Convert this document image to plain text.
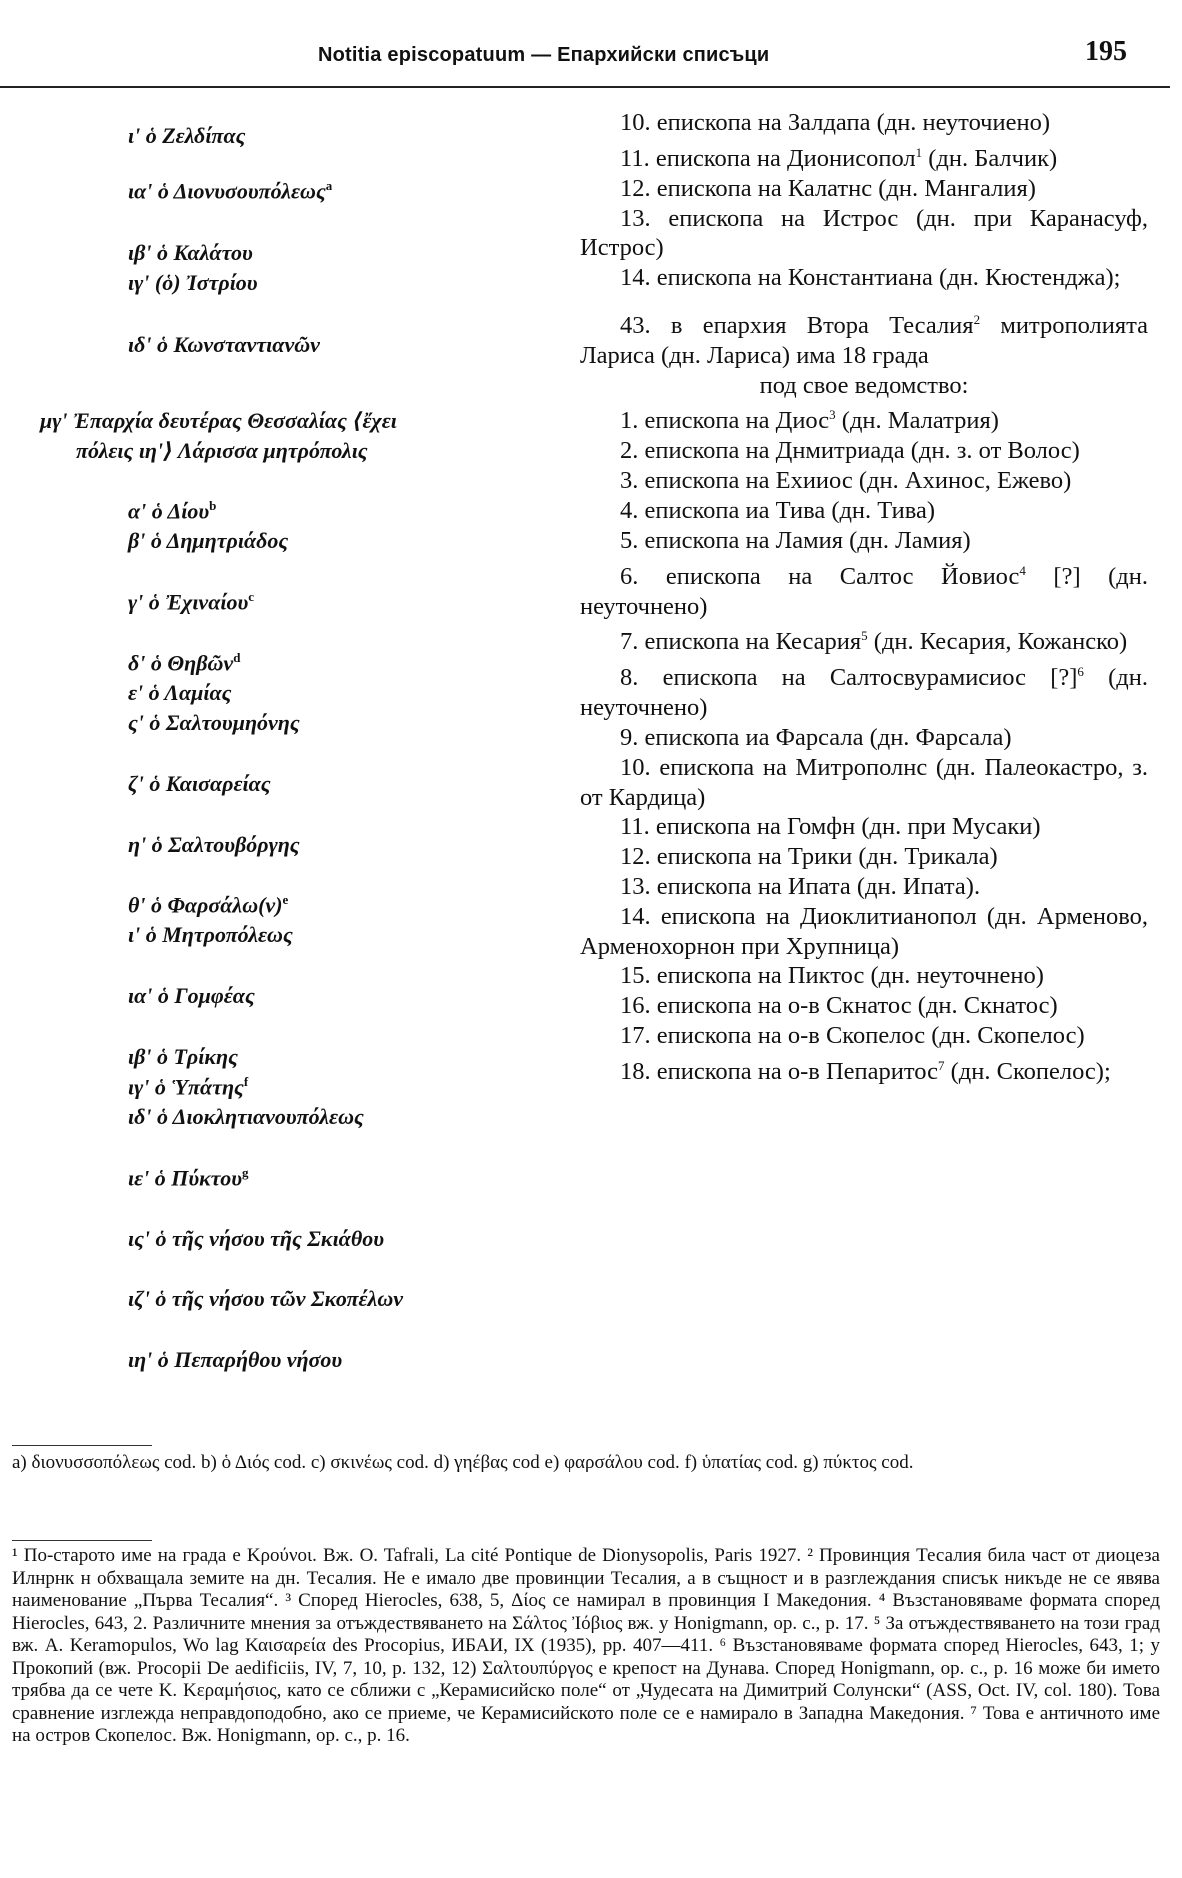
Notitia episcopatuum — Епархийски списъци	195
ι' ὁ Ζελδίπας
ια' ὁ Διονυσουπόλεως$^a$
ιβ' ὁ Καλάτου
ιγ' (ὁ) Ἰστρίου
ιδ' ὁ Κωνσταντιανῶν
μγ' Ἐπαρχία δευτέρας Θεσσαλίας ⟨ἔχει
πόλεις ιη'⟩ Λάρισσα μητρόπολις
α' ὁ Δίου$^b$
β' ὁ Δημητριάδος
γ' ὁ Ἐχιναίου$^c$
δ' ὁ Θηβῶν$^d$
ε' ὁ Λαμίας
ς' ὁ Σαλτουμηόνης
ζ' ὁ Καισαρείας
η' ὁ Σαλτουβόργης
θ' ὁ $\Phi\alpha\rho\sigma ά\lambda\omega(\nu)^e$
ι' ὁ Μητροπόλεως
ια' ὁ Γομφέας
ιβ' ὁ Τρίκης
ιγ' ὁ Ὑπάτης$^f$
ιδ' ὁ Διοκλητιανουπόλεως
ιε' ὁ Πύκτου$^g$
ις' ὁ τῆς νήσου τῆς Σκιάθου
ιζ' ὁ τῆς νήσου τῶν Σκοπέλων
ιη' ὁ Πεπαρήθου νήσου

10. епископа на Залдапа (дн. неуточиено)

11. епископа на Дионисопол$^1$ (дн. Балчик)

12. епископа на Калатнс (дн. Мангалия)

13. епископа на Истрос (дн. при Каранасуф, Истрос)

14. епископа на Константиана (дн. Кюстенджа);

43. в епархия Втора Тесалия$^2$ митрополията Лариса (дн. Лариса) има 18 града

под свое ведомство:

1. епископа на Диос$^3$ (дн. Малатрия)

2. епископа на Днмитриада (дн. з. от Волос)

3. епископа на Ехииос (дн. Ахинос, Ежево)

4. епископа иа Тива (дн. Тива)

5. епископа на Ламия (дн. Ламия)

6. епископа на Салтос Йовиос$^4$ [?] (дн. неуточнено)

7. епископа на Кесария$^5$ (дн. Кесария, Кожанско)

8. епископа на Салтосвурамисиос [?]$^6$ (дн. неуточнено)

9. епископа иа Фарсала (дн. Фарсала)

10. епископа на Митрополнс (дн. Палеокастро, з. от Кардица)

11. епископа на Гомфн (дн. при Мусаки)

12. епископа на Трики (дн. Трикала)

13. епископа на Ипата (дн. Ипата).

14. епископа на Диоклитианопол (дн. Арменово, Арменохорнон при Хрупница)

15. епископа на Пиктос (дн. неуточнено)

16. епископа на о-в Скнатос (дн. Скнатос)

17. епископа на о-в Скопелос (дн. Скопелос)

18. епископа на о-в Пепаритос$^7$ (дн. Скопелос);

a) διονυσσοπόλεως cod. b) ὁ Διός cod. c) σκινέως cod. d) γηέβας cod e) φαρσάλου cod. f) ὑπατίας cod. g) πύκτος cod.
¹ По-старото име на града е Κρούνοι. Вж. O. Tafrali, La cité Pontique de Dionysopolis, Paris 1927. ² Провинция Тесалия била част от диоцеза Илнрнк н обхващала земите на дн. Тесалия. Не е имало две провинции Тесалия, а в същност и в разглеждания списък никъде не се явява наименование „Първа Тесалия“. ³ Според Hierocles, 638, 5, Δίος се намирал в провинция I Македония. ⁴ Възстановяваме формата според Hierocles, 643, 2. Различните мнения за отъждествяването на Σάλτος Ἰόβιος вж. у Honigmann, op. c., p. 17. ⁵ За отъждествяването на този град вж. A. Keramopulos, Wo lag Καισαρεία des Procopius, ИБАИ, IX (1935), pp. 407—411. ⁶ Възстановяваме формата според Hierocles, 643, 1; у Прокопий (вж. Procopii De aedificiis, IV, 7, 10, p. 132, 12) Σαλτουπύργος е крепост на Дунава. Според Honigmann, op. c., p. 16 може би името трябва да се чете K. Κεραμήσιος, като се сближи с „Керамисийско поле“ от „Чудесата на Димитрий Солунски“ (ASS, Oct. IV, col. 180). Това сравнение изглежда неправдоподобно, ако се приеме, че Керамисийското поле се е намирало в Западна Македония. ⁷ Това е античното име на остров Скопелос. Вж. Honigmann, op. c., p. 16.
